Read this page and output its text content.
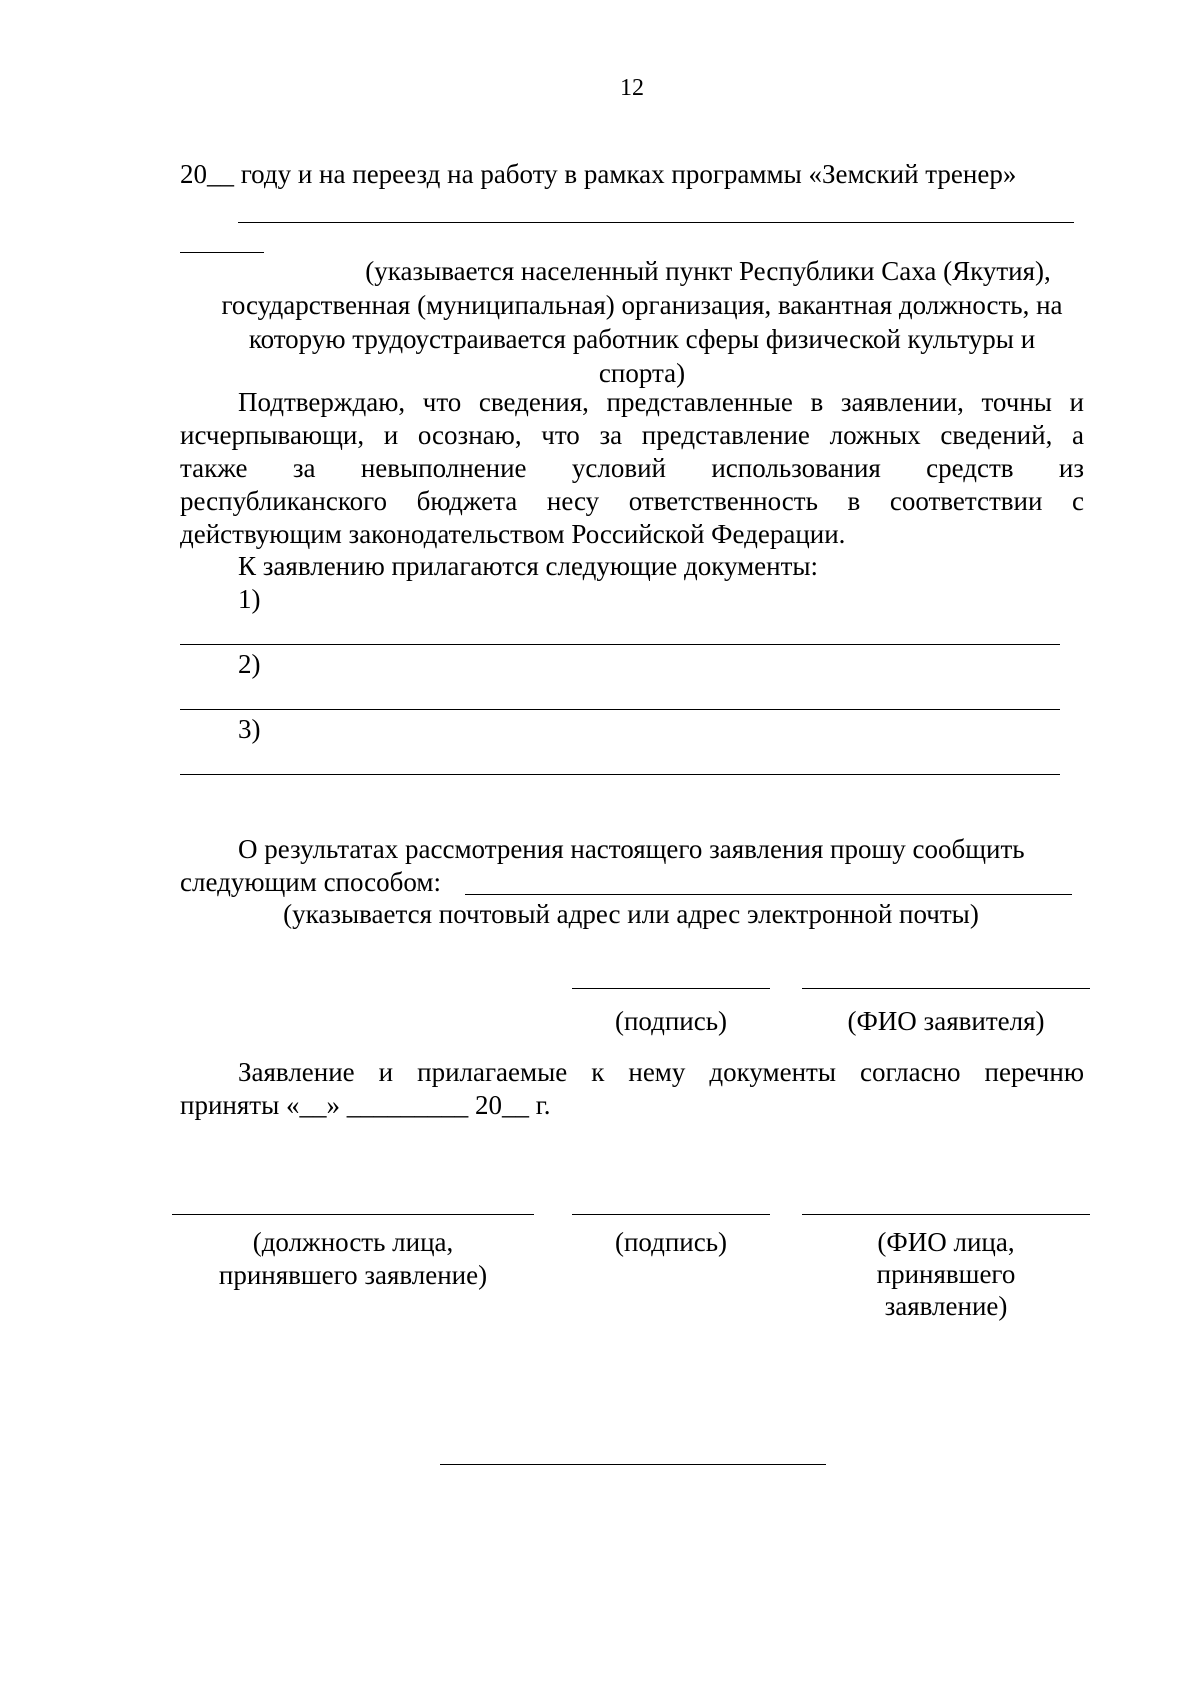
12
20__ году и на переезд на работу в рамках программы «Земский тренер»
(указывается населенный пункт Республики Саха (Якутия),
государственная (муниципальная) организация, вакантная должность, на
которую трудоустраивается работник сферы физической культуры и
спорта)
Подтверждаю, что сведения, представленные в заявлении, точны и
исчерпывающи, и осознаю, что за представление ложных сведений, а
также за невыполнение условий использования средств из
республиканского бюджета несу ответственность в соответствии с
действующим законодательством Российской Федерации.
К заявлению прилагаются следующие документы:
1)
2)
3)
О результатах рассмотрения настоящего заявления прошу сообщить
следующим способом:
(указывается почтовый адрес или адрес электронной почты)
(подпись)	(ФИО заявителя)
Заявление и прилагаемые к нему документы согласно перечню
приняты «__» _________ 20__ г.
(должность лица,
принявшего заявление)
(подпись)	(ФИО лица,
принявшего
заявление)
